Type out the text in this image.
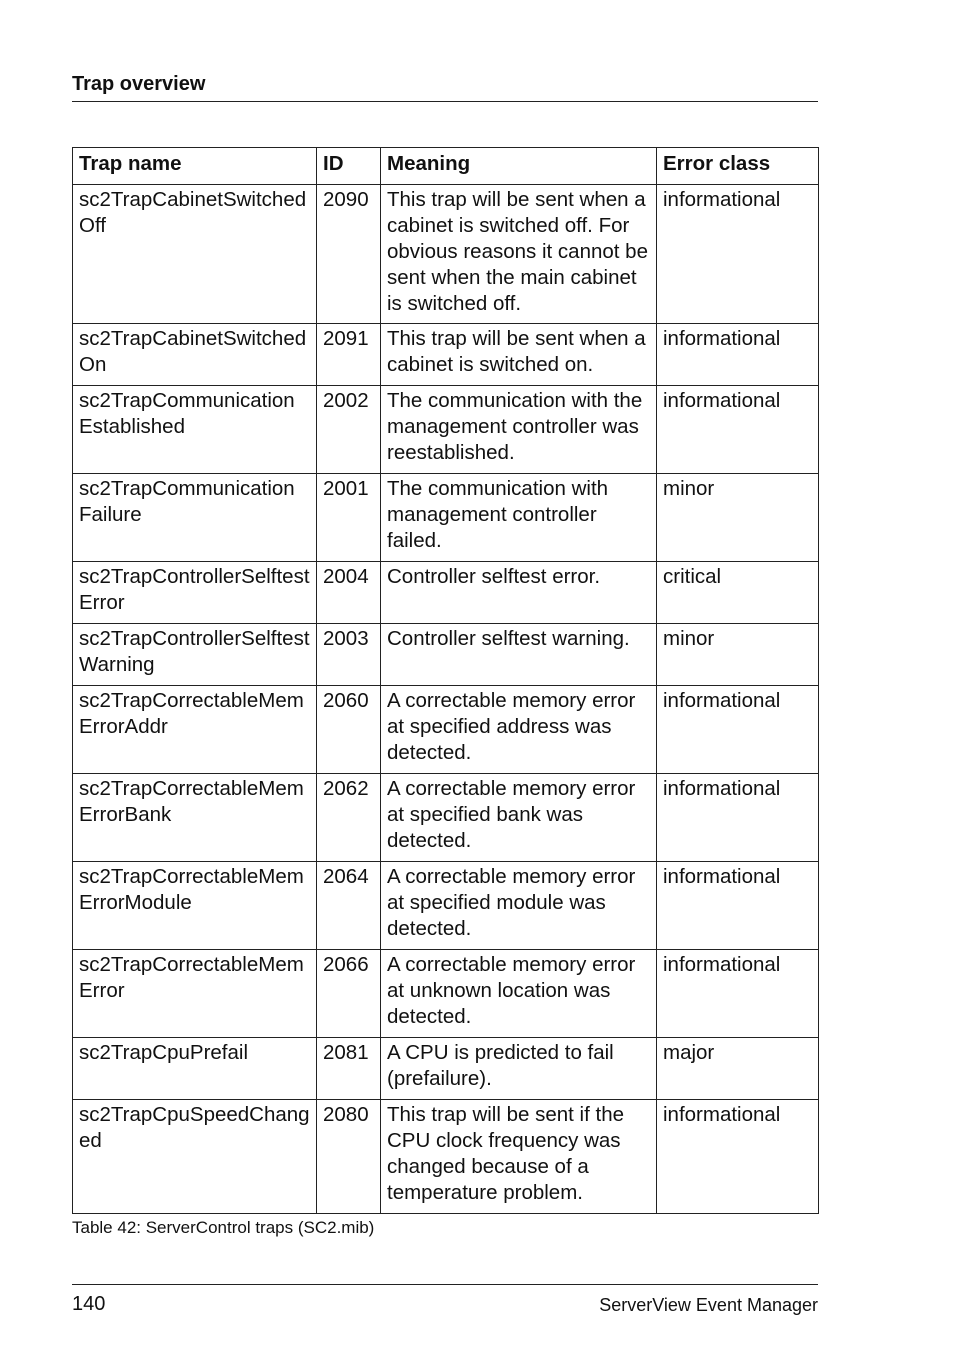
Trap overview
Trap name	ID	Meaning	Error class
sc2TrapCabinetSwitchedOff	2090	This trap will be sent when a cabinet is switched off. For obvious reasons it cannot be sent when the main cabinet is switched off.	informational
sc2TrapCabinetSwitchedOn	2091	This trap will be sent when a cabinet is switched on.	informational
sc2TrapCommunication Established	2002	The communication with the management controller was reestablished.	informational
sc2TrapCommunication Failure	2001	The communication with management controller failed.	minor
sc2TrapControllerSelftestError	2004	Controller selftest error.	critical
sc2TrapControllerSelftestWarning	2003	Controller selftest warning.	minor
sc2TrapCorrectableMemErrorAddr	2060	A correctable memory error at specified address was detected.	informational
sc2TrapCorrectableMemErrorBank	2062	A correctable memory error at specified bank was detected.	informational
sc2TrapCorrectableMemErrorModule	2064	A correctable memory error at specified module was detected.	informational
sc2TrapCorrectableMemError	2066	A correctable memory error at unknown location was detected.	informational
sc2TrapCpuPrefail	2081	A CPU is predicted to fail (prefailure).	major
sc2TrapCpuSpeedChanged	2080	This trap will be sent if the CPU clock frequency was changed because of a temperature problem.	informational

Table 42: ServerControl traps (SC2.mib)

140	ServerView Event Manager
